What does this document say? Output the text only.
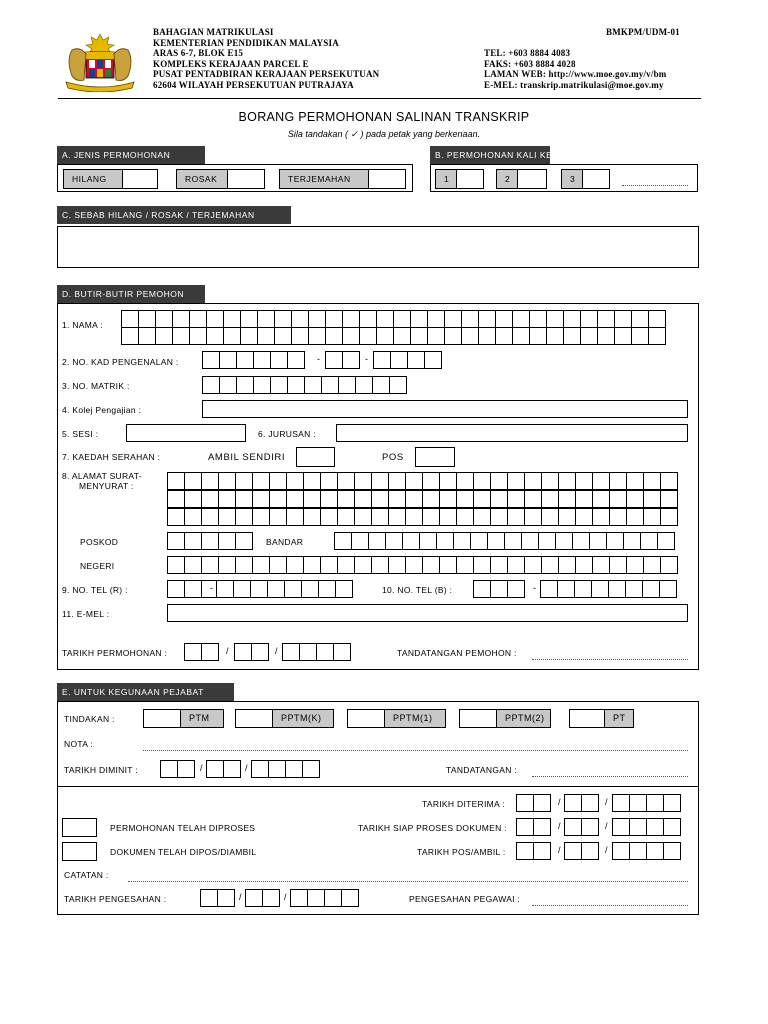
BAHAGIAN MATRIKULASI
KEMENTERIAN PENDIDIKAN MALAYSIA
ARAS 6-7, BLOK E15
KOMPLEKS KERAJAAN PARCEL E
PUSAT PENTADBIRAN KERAJAAN PERSEKUTUAN
62604 WILAYAH PERSEKUTUAN PUTRAJAYA
BMKPM/UDM-01
TEL: +603 8884 4083
FAKS: +603 8884 4028
LAMAN WEB: http://www.moe.gov.my/v/bm
E-MEL: transkrip.matrikulasi@moe.gov.my
BORANG PERMOHONAN SALINAN TRANSKRIP
Sila tandakan ( ✓ ) pada petak yang berkenaan.
A. JENIS PERMOHONAN
HILANG	ROSAK	TERJEMAHAN
B. PERMOHONAN KALI KE
1	2	3
C. SEBAB HILANG / ROSAK / TERJEMAHAN
D. BUTIR-BUTIR PEMOHON
1. NAMA :
2. NO. KAD PENGENALAN :	-	-
3. NO. MATRIK :
4. Kolej Pengajian :
5. SESI :	6. JURUSAN :
7. KAEDAH SERAHAN :	AMBIL SENDIRI	POS
8. ALAMAT SURAT-
MENYURAT :
POSKOD	BANDAR
NEGERI
9. NO. TEL (R) :	-	10. NO. TEL (B) :	-
11. E-MEL :
TARIKH PERMOHONAN :	/	/	TANDATANGAN PEMOHON :
E. UNTUK KEGUNAAN PEJABAT
TINDAKAN :	PTM	PPTM(K)	PPTM(1)	PPTM(2)	PT
NOTA :
TARIKH DIMINIT :	/	/	TANDATANGAN :
TARIKH DITERIMA :	/	/
PERMOHONAN TELAH DIPROSES	TARIKH SIAP PROSES DOKUMEN :	/	/
DOKUMEN TELAH DIPOS/DIAMBIL	TARIKH POS/AMBIL :	/	/
CATATAN :
TARIKH PENGESAHAN :	/	/	PENGESAHAN PEGAWAI :
